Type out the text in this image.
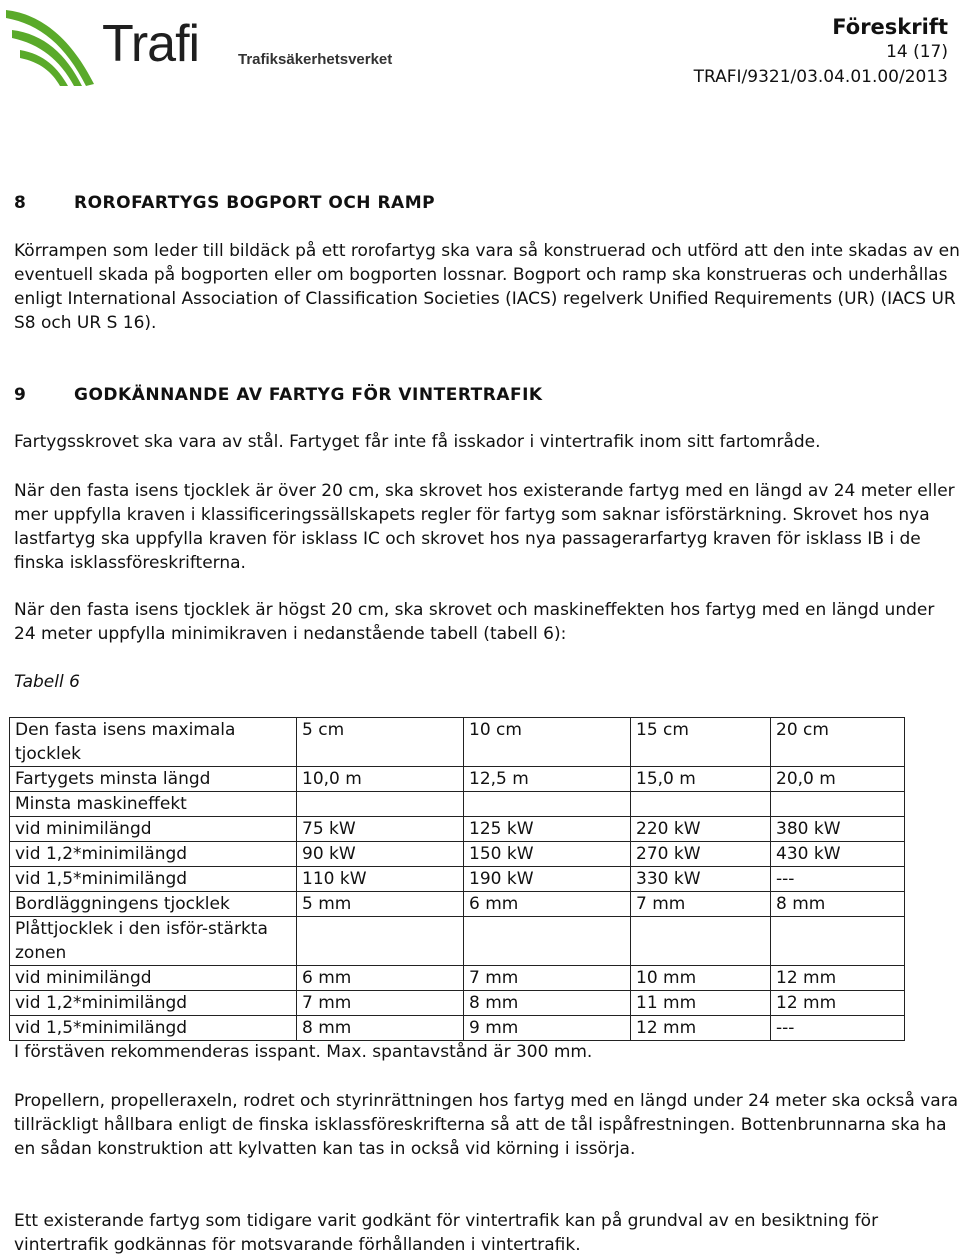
Trafi	Trafiksäkerhetsverket
Föreskrift
14 (17)
TRAFI/9321/03.04.01.00/2013
8	ROROFARTYGS BOGPORT OCH RAMP

Körrampen som leder till bildäck på ett rorofartyg ska vara så konstruerad och utförd att den inte skadas av en eventuell skada på bogporten eller om bogporten lossnar. Bogport och ramp ska konstrueras och underhållas enligt International Association of Classification Societies (IACS) regelverk Unified Requirements (UR) (IACS UR S8 och UR S 16).

9	GODKÄNNANDE AV FARTYG FÖR VINTERTRAFIK

Fartygsskrovet ska vara av stål. Fartyget får inte få isskador i vintertrafik inom sitt fartområde.

När den fasta isens tjocklek är över 20 cm, ska skrovet hos existerande fartyg med en längd av 24 meter eller mer uppfylla kraven i klassificeringssällskapets regler för fartyg som saknar isförstärkning. Skrovet hos nya lastfartyg ska uppfylla kraven för isklass IC och skrovet hos nya passagerarfartyg kraven för isklass IB i de finska isklassföreskrifterna.

När den fasta isens tjocklek är högst 20 cm, ska skrovet och maskineffekten hos fartyg med en längd under 24 meter uppfylla minimikraven i nedanstående tabell (tabell 6):

Tabell 6
Den fasta isens maximala tjocklek	5 cm	10 cm	15 cm	20 cm
Fartygets minsta längd	10,0 m	12,5 m	15,0 m	20,0 m
Minsta maskineffekt				
vid minimilängd	75 kW	125 kW	220 kW	380 kW
vid 1,2*minimilängd	90 kW	150 kW	270 kW	430 kW
vid 1,5*minimilängd	110 kW	190 kW	330 kW	---
Bordläggningens tjocklek	5 mm	6 mm	7 mm	8 mm
Plåttjocklek i den isför-stärkta zonen				
vid minimilängd	6 mm	7 mm	10 mm	12 mm
vid 1,2*minimilängd	7 mm	8 mm	11 mm	12 mm
vid 1,5*minimilängd	8 mm	9 mm	12 mm	---

I förstäven rekommenderas isspant. Max. spantavstånd är 300 mm.

Propellern, propelleraxeln, rodret och styrinrättningen hos fartyg med en längd under 24 meter ska också vara tillräckligt hållbara enligt de finska isklassföreskrifterna så att de tål ispåfrestningen. Bottenbrunnarna ska ha en sådan konstruktion att kylvatten kan tas in också vid körning i issörja.

Ett existerande fartyg som tidigare varit godkänt för vintertrafik kan på grundval av en besiktning för vintertrafik godkännas för motsvarande förhållanden i vintertrafik.
